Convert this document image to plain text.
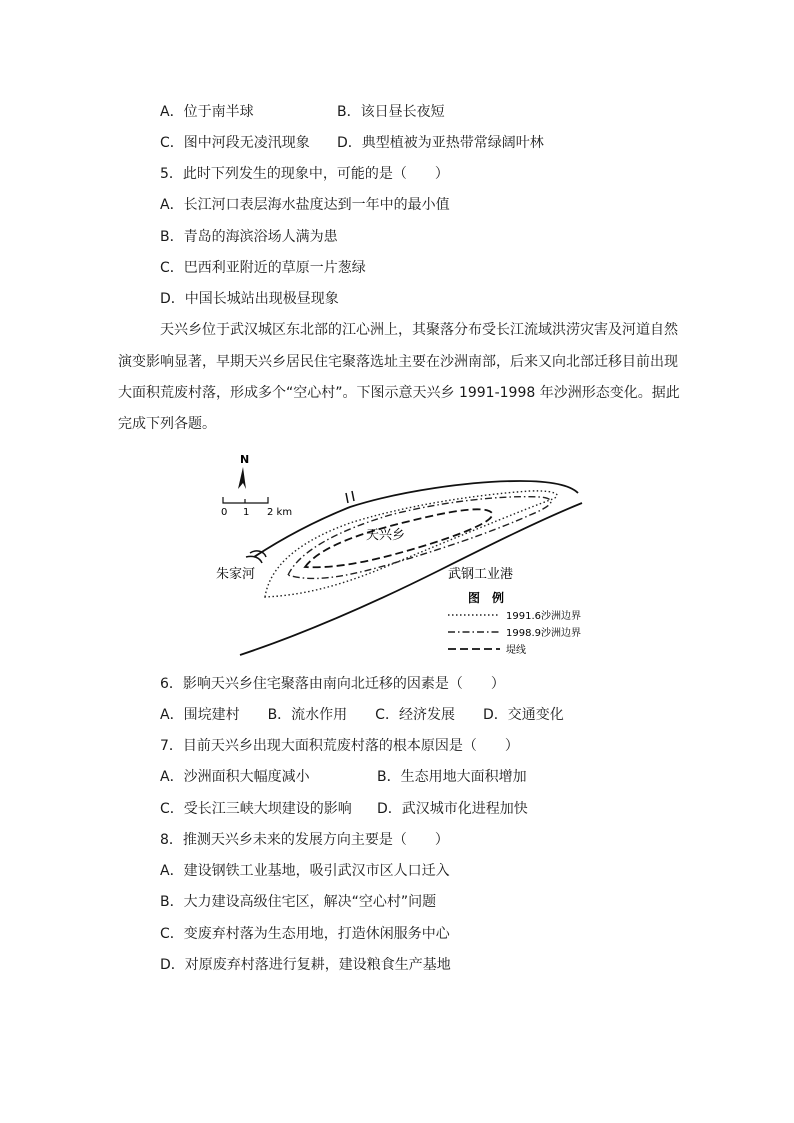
A．位于南半球	B．该日昼长夜短
C．图中河段无凌汛现象 D．典型植被为亚热带常绿阔叶林
5．此时下列发生的现象中，可能的是（　　）
A．长江河口表层海水盐度达到一年中的最小值
B．青岛的海滨浴场人满为患
C．巴西利亚附近的草原一片葱绿
D．中国长城站出现极昼现象
天兴乡位于武汉城区东北部的江心洲上，其聚落分布受长江流域洪涝灾害及河道自然
演变影响显著，早期天兴乡居民住宅聚落选址主要在沙洲南部，后来又向北部迁移目前出现
大面积荒废村落，形成多个“空心村”。下图示意天兴乡 1991-1998 年沙洲形态变化。据此
完成下列各题。
N
0 1 2 km
天兴乡
朱家河	武钢工业港
图　例
1991.6沙洲边界
1998.9沙洲边界
堤线
6．影响天兴乡住宅聚落由南向北迁移的因素是（　　）
A．围垸建村　　B．流水作用　　C．经济发展　　D．交通变化
7．目前天兴乡出现大面积荒废村落的根本原因是（　　）
A．沙洲面积大幅度减小	B．生态用地大面积增加
C．受长江三峡大坝建设的影响 D．武汉城市化进程加快
8．推测天兴乡未来的发展方向主要是（　　）
A．建设钢铁工业基地，吸引武汉市区人口迁入
B．大力建设高级住宅区，解决“空心村”问题
C．变废弃村落为生态用地，打造休闲服务中心
D．对原废弃村落进行复耕，建设粮食生产基地
